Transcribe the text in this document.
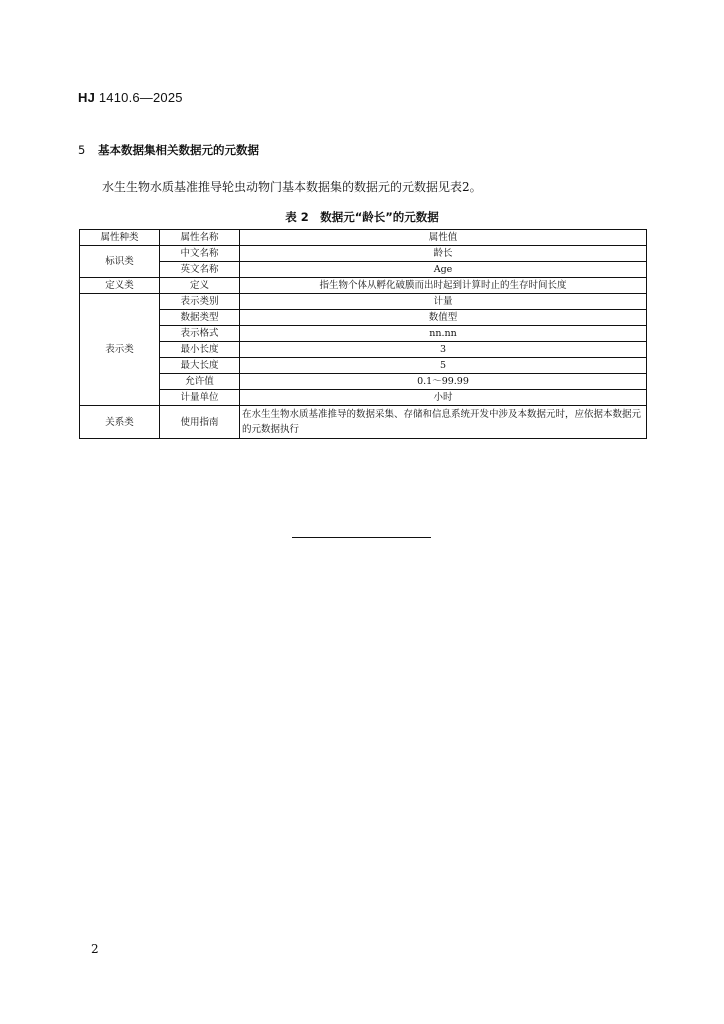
HJ 1410.6—2025
5 基本数据集相关数据元的元数据
水生生物水质基准推导轮虫动物门基本数据集的数据元的元数据见表2。
表 2　数据元“龄长”的元数据
属性种类	属性名称	属性值
标识类	中文名称	龄长
	英文名称	Age
定义类	定义	指生物个体从孵化破膜而出时起到计算时止的生存时间长度
表示类	表示类别	计量
	数据类型	数值型
	表示格式	nn.nn
	最小长度	3
	最大长度	5
	允许值	0.1～99.99
	计量单位	小时
关系类	使用指南	在水生生物水质基准推导的数据采集、存储和信息系统开发中涉及本数据元时，应依据本数据元的元数据执行
2
